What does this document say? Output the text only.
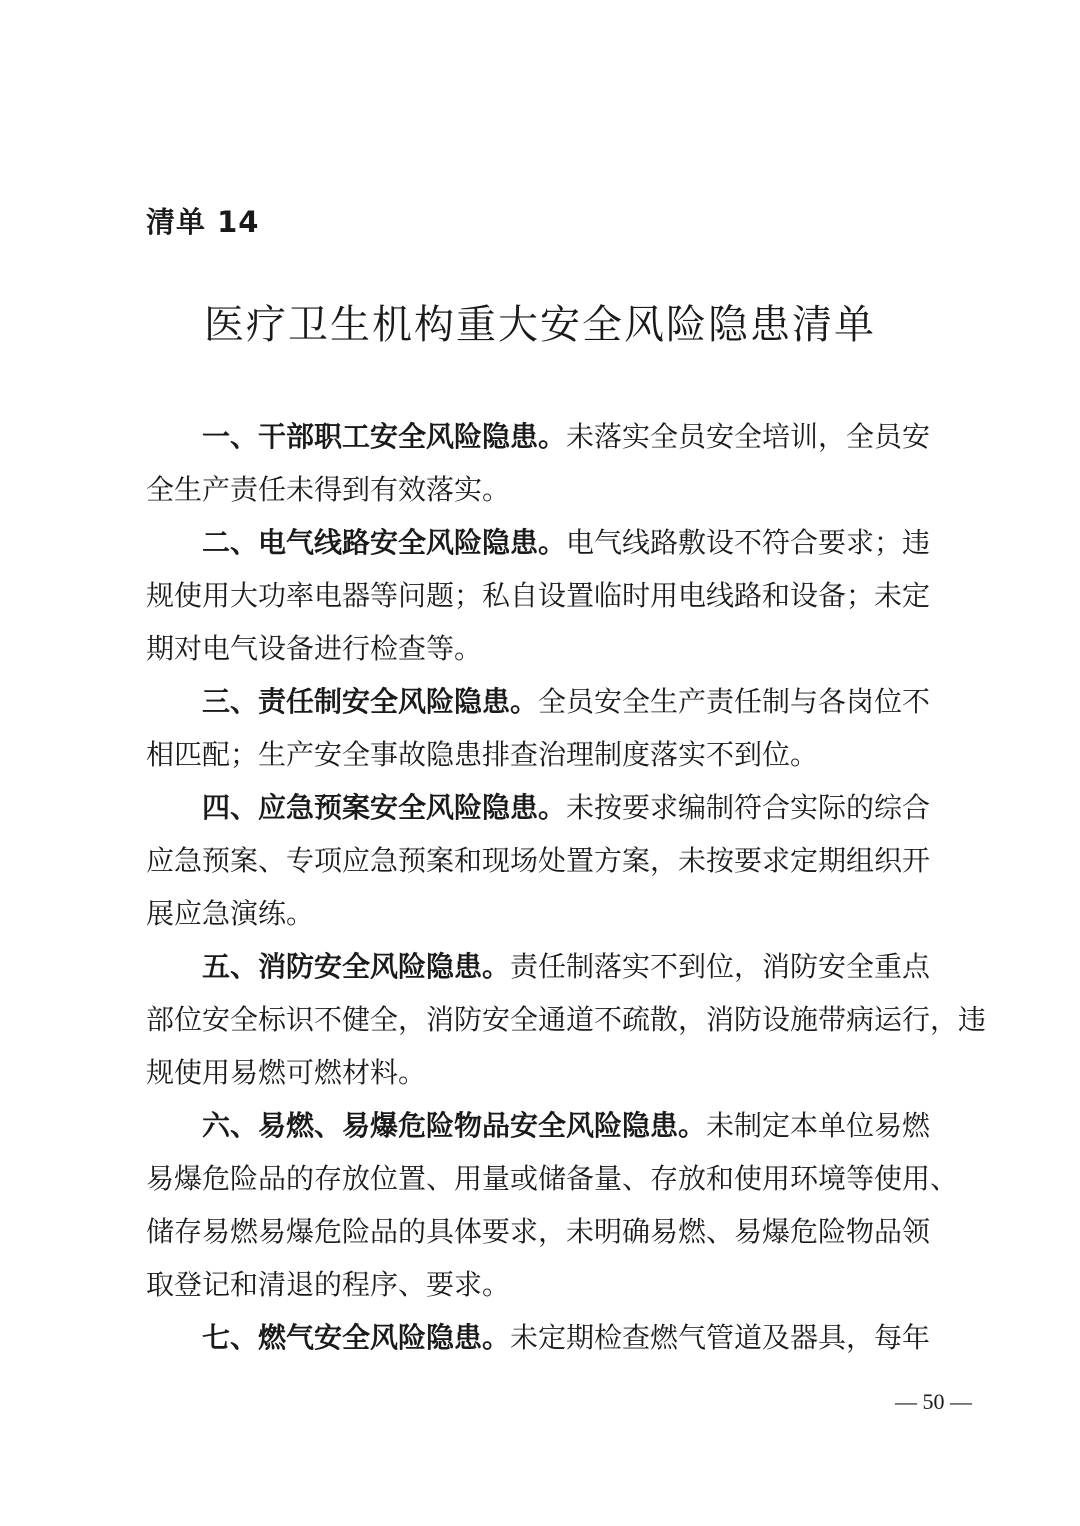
清单 14
医疗卫生机构重大安全风险隐患清单

一、干部职工安全风险隐患。未落实全员安全培训，全员安
全生产责任未得到有效落实。

二、电气线路安全风险隐患。电气线路敷设不符合要求；违
规使用大功率电器等问题；私自设置临时用电线路和设备；未定
期对电气设备进行检查等。

三、责任制安全风险隐患。全员安全生产责任制与各岗位不
相匹配；生产安全事故隐患排查治理制度落实不到位。

四、应急预案安全风险隐患。未按要求编制符合实际的综合
应急预案、专项应急预案和现场处置方案，未按要求定期组织开
展应急演练。

五、消防安全风险隐患。责任制落实不到位，消防安全重点
部位安全标识不健全，消防安全通道不疏散，消防设施带病运行，违
规使用易燃可燃材料。

六、易燃、易爆危险物品安全风险隐患。未制定本单位易燃
易爆危险品的存放位置、用量或储备量、存放和使用环境等使用、
储存易燃易爆危险品的具体要求，未明确易燃、易爆危险物品领
取登记和清退的程序、要求。

七、燃气安全风险隐患。未定期检查燃气管道及器具，每年

— 50 —
